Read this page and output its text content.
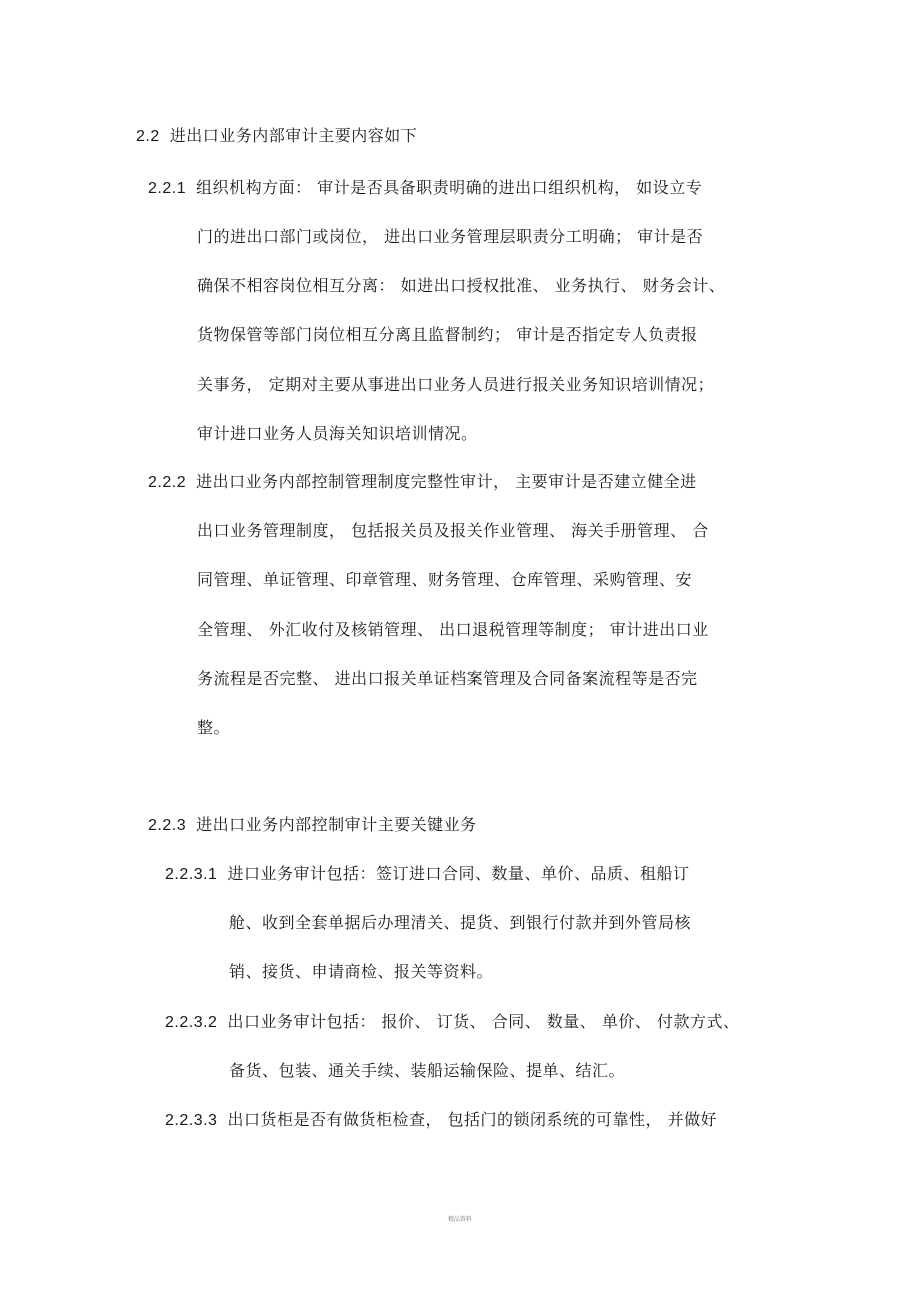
2.2 进出口业务内部审计主要内容如下
2.2.1 组织机构方面： 审计是否具备职责明确的进出口组织机构， 如设立专
门的进出口部门或岗位， 进出口业务管理层职责分工明确； 审计是否
确保不相容岗位相互分离： 如进出口授权批准、 业务执行、 财务会计、
货物保管等部门岗位相互分离且监督制约； 审计是否指定专人负责报
关事务， 定期对主要从事进出口业务人员进行报关业务知识培训情况；
审计进口业务人员海关知识培训情况。
2.2.2 进出口业务内部控制管理制度完整性审计， 主要审计是否建立健全进
出口业务管理制度， 包括报关员及报关作业管理、 海关手册管理、 合
同管理、单证管理、印章管理、财务管理、仓库管理、采购管理、安
全管理、 外汇收付及核销管理、 出口退税管理等制度； 审计进出口业
务流程是否完整、 进出口报关单证档案管理及合同备案流程等是否完
整。
2.2.3 进出口业务内部控制审计主要关键业务
2.2.3.1 进口业务审计包括：签订进口合同、数量、单价、品质、租船订
舱、收到全套单据后办理清关、提货、到银行付款并到外管局核
销、接货、申请商检、报关等资料。
2.2.3.2 出口业务审计包括： 报价、 订货、 合同、 数量、 单价、 付款方式、
备货、包装、通关手续、装船运输保险、提单、结汇。
2.2.3.3 出口货柜是否有做货柜检查， 包括门的锁闭系统的可靠性， 并做好
精品资料
